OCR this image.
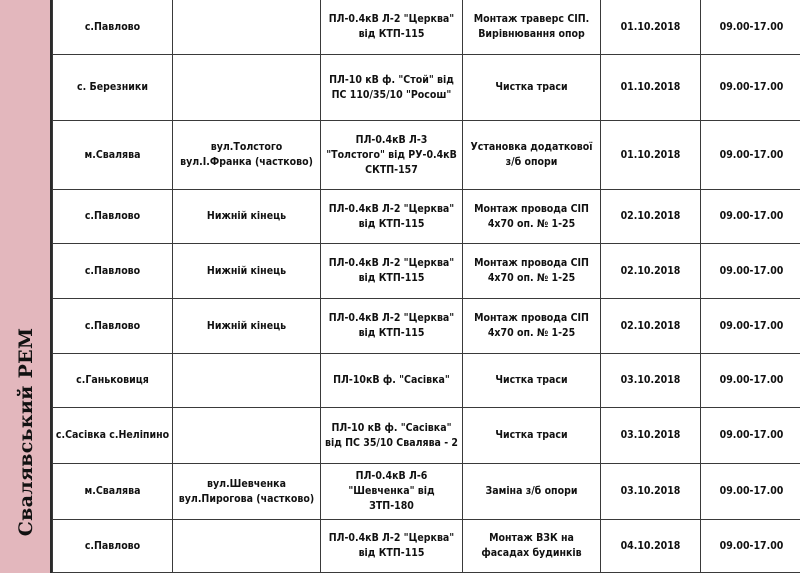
Свалявський РЕМ
с.Павлово		ПЛ-0.4кВ Л-2 "Церква" від КТП-115	Монтаж траверс СІП. Вирівнювання опор	01.10.2018	09.00-17.00
с. Березники		ПЛ-10 кВ ф. "Стой" від ПС 110/35/10 "Росош"	Чистка траси	01.10.2018	09.00-17.00
м.Свалява	вул.Толстого вул.І.Франка (частково)	ПЛ-0.4кВ Л-3 "Толстого" від РУ-0.4кВ СКТП-157	Установка додаткової з/б опори	01.10.2018	09.00-17.00
с.Павлово	Нижній кінець	ПЛ-0.4кВ Л-2 "Церква" від КТП-115	Монтаж провода СІП 4х70 оп. № 1-25	02.10.2018	09.00-17.00
с.Павлово	Нижній кінець	ПЛ-0.4кВ Л-2 "Церква" від КТП-115	Монтаж провода СІП 4х70 оп. № 1-25	02.10.2018	09.00-17.00
с.Павлово	Нижній кінець	ПЛ-0.4кВ Л-2 "Церква" від КТП-115	Монтаж провода СІП 4х70 оп. № 1-25	02.10.2018	09.00-17.00
с.Ганьковиця		ПЛ-10кВ ф. "Сасівка"	Чистка траси	03.10.2018	09.00-17.00
с.Сасівка с.Неліпино		ПЛ-10 кВ ф. "Сасівка" від ПС 35/10 Свалява - 2	Чистка траси	03.10.2018	09.00-17.00
м.Свалява	вул.Шевченка вул.Пирогова (частково)	ПЛ-0.4кВ Л-6 "Шевченка" від ЗТП-180	Заміна з/б опори	03.10.2018	09.00-17.00
с.Павлово		ПЛ-0.4кВ Л-2 "Церква" від КТП-115	Монтаж ВЗК на фасадах будинків	04.10.2018	09.00-17.00
